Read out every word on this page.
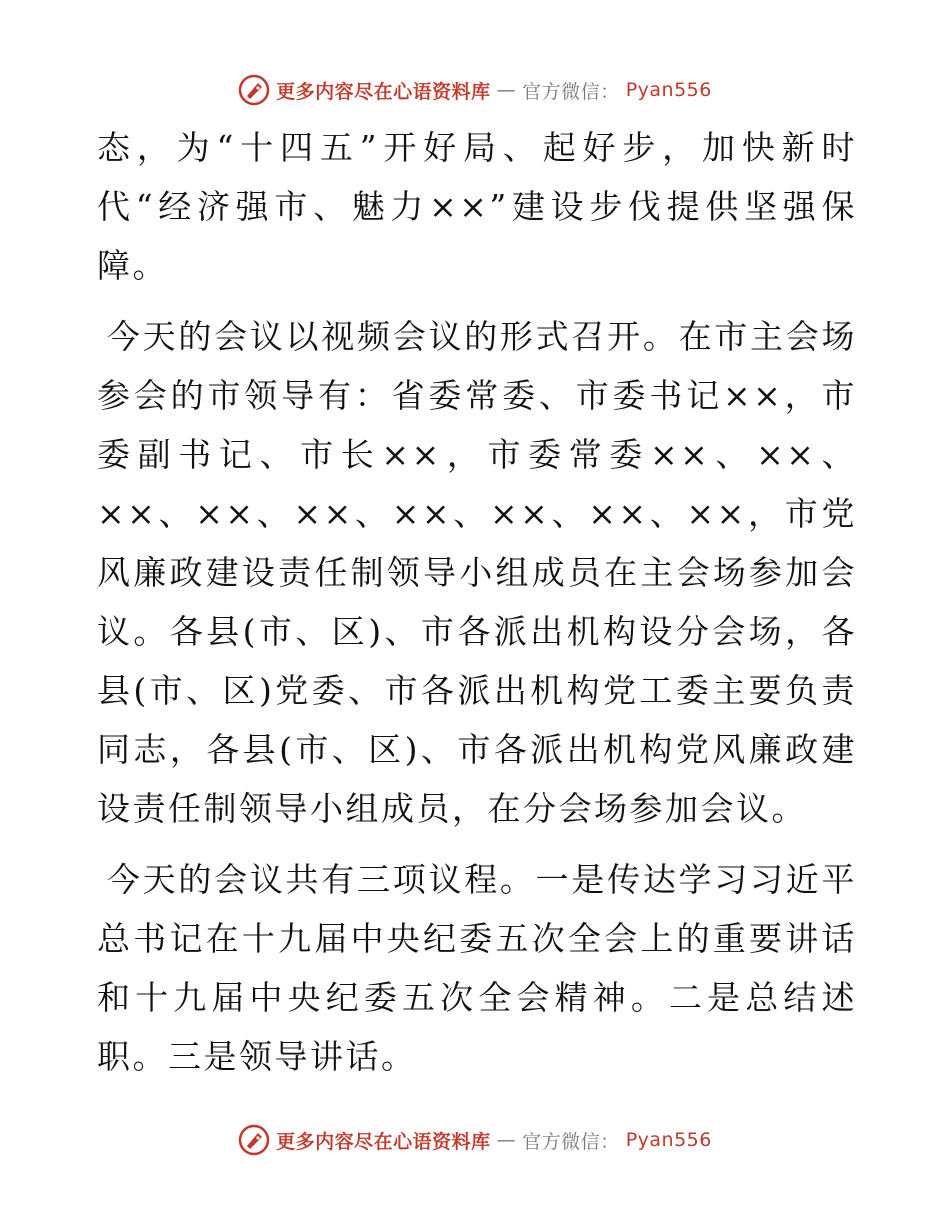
更多内容尽在心语资料库 — 官方微信： Pyan556

态，为“十四五”开好局、起好步，加快新时代“经济强市、魅力××”建设步伐提供坚强保障。

今天的会议以视频会议的形式召开。在市主会场参会的市领导有：省委常委、市委书记××，市委副书记、市长××，市委常委××、××、××、××、××、××、××、××、××，市党风廉政建设责任制领导小组成员在主会场参加会议。各县(市、区)、市各派出机构设分会场，各县(市、区)党委、市各派出机构党工委主要负责同志，各县(市、区)、市各派出机构党风廉政建设责任制领导小组成员，在分会场参加会议。

今天的会议共有三项议程。一是传达学习习近平总书记在十九届中央纪委五次全会上的重要讲话和十九届中央纪委五次全会精神。二是总结述职。三是领导讲话。

更多内容尽在心语资料库 — 官方微信： Pyan556
